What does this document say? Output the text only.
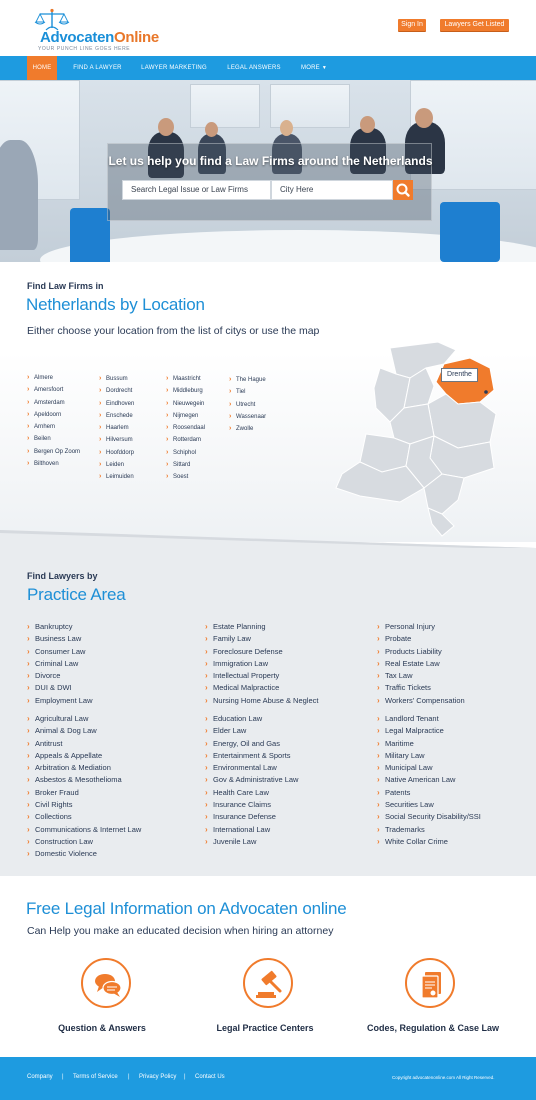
AdvocatenOnline
YOUR PUNCH LINE GOES HERE
Sign In	Lawyers Get Listed
HOME	FIND A LAWYER	LAWYER MARKETING	LEGAL ANSWERS	MORE ▼
Let us help you find a Law Firms around the Netherlands
Search Legal Issue or Law Firms	City Here
Find Law Firms in
Netherlands by Location
Either choose your location from the list of citys or use the map
› Almere
› Amersfoort
› Amsterdam
› Apeldoorn
› Arnhem
› Beilen
› Bergen Op Zoom
› Bilthoven
› Bussum
› Dordrecht
› Eindhoven
› Enschede
› Haarlem
› Hilversum
› Hoofddorp
› Leiden
› Leimuiden
› Maastricht
› Middleburg
› Nieuwegein
› Nijmegen
› Roosendaal
› Rotterdam
› Schiphol
› Sittard
› Soest
› The Hague
› Tiel
› Utrecht
› Wassenaar
› Zwolle
Drenthe
Find Lawyers by
Practice Area
› Bankruptcy
› Business Law
› Consumer Law
› Criminal Law
› Divorce
› DUI & DWI
› Employment Law
› Estate Planning
› Family Law
› Foreclosure Defense
› Immigration Law
› Intellectual Property
› Medical Malpractice
› Nursing Home Abuse & Neglect
› Personal Injury
› Probate
› Products Liability
› Real Estate Law
› Tax Law
› Traffic Tickets
› Workers' Compensation
› Agricultural Law
› Animal & Dog Law
› Antitrust
› Appeals & Appellate
› Arbitration & Mediation
› Asbestos & Mesothelioma
› Broker Fraud
› Civil Rights
› Collections
› Communications & Internet Law
› Construction Law
› Domestic Violence
› Education Law
› Elder Law
› Energy, Oil and Gas
› Entertainment & Sports
› Environmental Law
› Gov & Administrative Law
› Health Care Law
› Insurance Claims
› Insurance Defense
› International Law
› Juvenile Law
› Landlord Tenant
› Legal Malpractice
› Maritime
› Military Law
› Municipal Law
› Native American Law
› Patents
› Securities Law
› Social Security Disability/SSI
› Trademarks
› White Collar Crime
Free Legal Information on Advocaten online
Can Help you make an educated decision when hiring an attorney
Question & Answers	Legal Practice Centers	Codes, Regulation & Case Law
Company | Terms of Service | Privacy Policy | Contact Us	Copyright advocatenonline.com All Right Reserved.
